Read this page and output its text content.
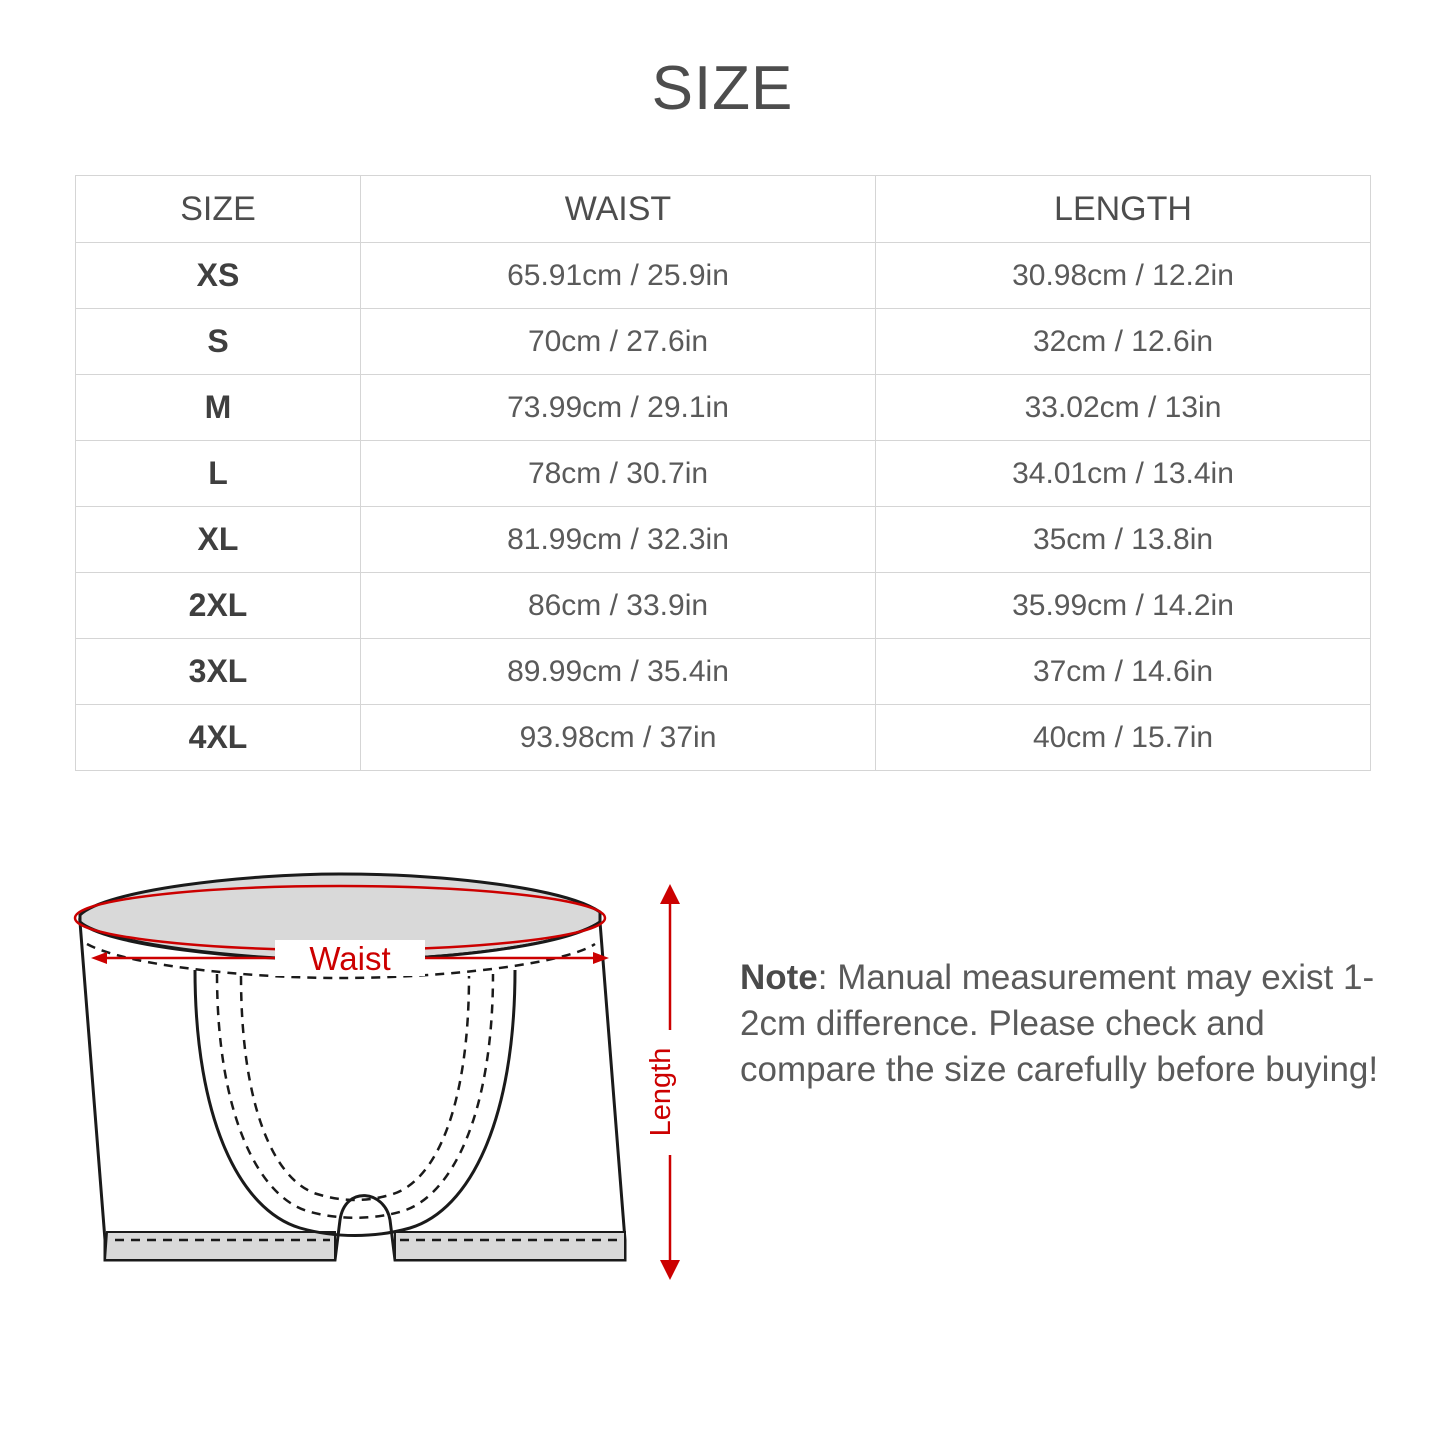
SIZE
SIZE	WAIST	LENGTH
XS	65.91cm / 25.9in	30.98cm / 12.2in
S	70cm / 27.6in	32cm / 12.6in
M	73.99cm / 29.1in	33.02cm / 13in
L	78cm / 30.7in	34.01cm / 13.4in
XL	81.99cm / 32.3in	35cm / 13.8in
2XL	86cm / 33.9in	35.99cm / 14.2in
3XL	89.99cm / 35.4in	37cm / 14.6in
4XL	93.98cm / 37in	40cm / 15.7in
Waist
Length
Note: Manual measurement may exist 1-2cm difference. Please check and compare the size carefully before buying!
